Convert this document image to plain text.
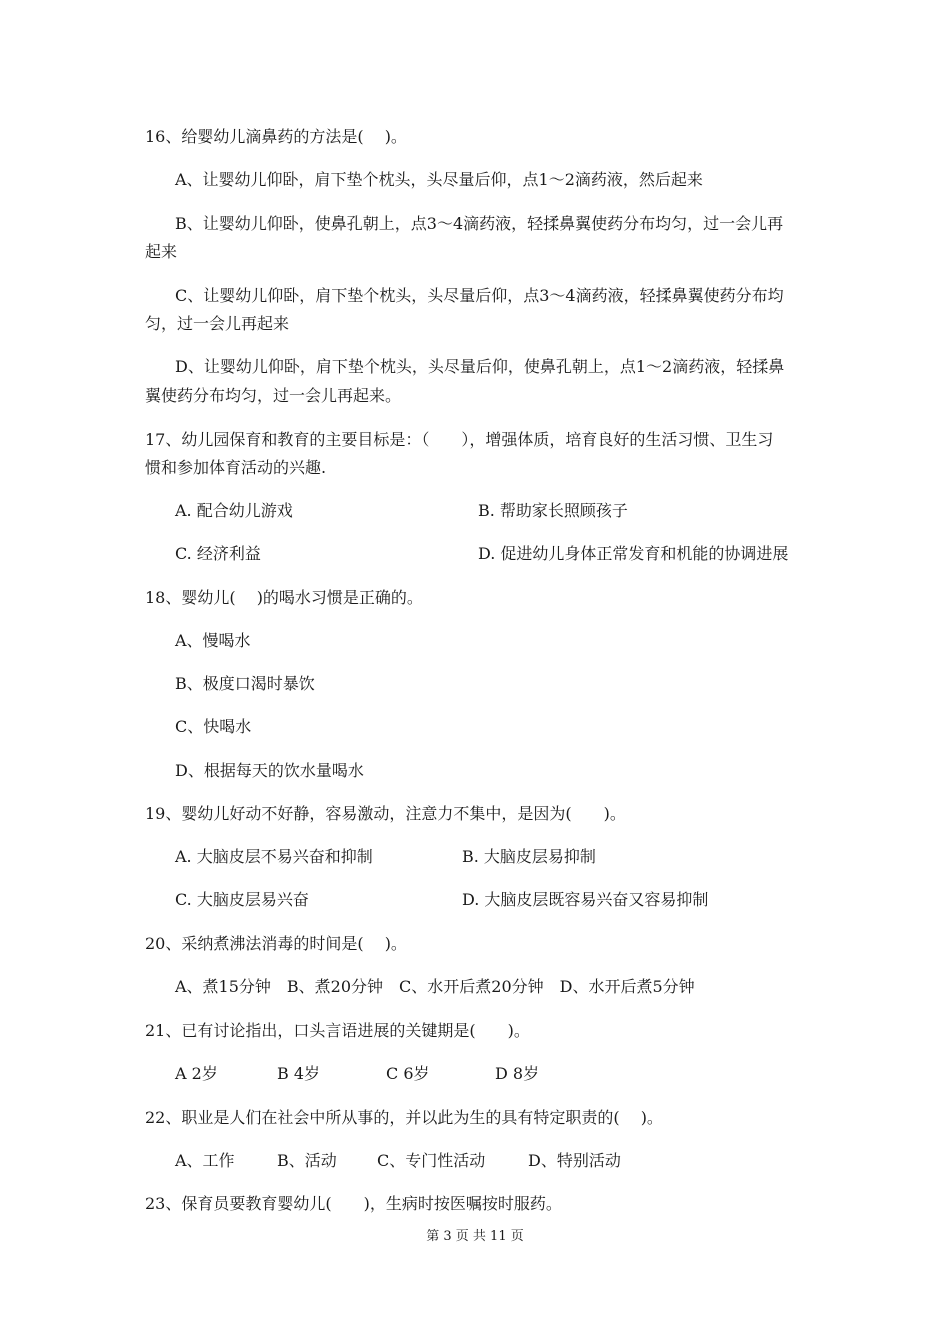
16、给婴幼儿滴鼻药的方法是(　 )。
A、让婴幼儿仰卧，肩下垫个枕头，头尽量后仰，点1～2滴药液，然后起来
B、让婴幼儿仰卧，使鼻孔朝上，点3～4滴药液，轻揉鼻翼使药分布均匀，过一会儿再
起来
C、让婴幼儿仰卧，肩下垫个枕头，头尽量后仰，点3～4滴药液，轻揉鼻翼使药分布均
匀，过一会儿再起来
D、让婴幼儿仰卧，肩下垫个枕头，头尽量后仰，使鼻孔朝上，点1～2滴药液，轻揉鼻
翼使药分布均匀，过一会儿再起来。
17、幼儿园保育和教育的主要目标是：（　　），增强体质，培育良好的生活习惯、卫生习
惯和参加体育活动的兴趣.
A. 配合幼儿游戏	B. 帮助家长照顾孩子
C. 经济利益	D. 促进幼儿身体正常发育和机能的协调进展
18、婴幼儿(　 )的喝水习惯是正确的。
A、慢喝水
B、极度口渴时暴饮
C、快喝水
D、根据每天的饮水量喝水
19、婴幼儿好动不好静，容易激动，注意力不集中，是因为(　　)。
A. 大脑皮层不易兴奋和抑制	B. 大脑皮层易抑制
C. 大脑皮层易兴奋	D. 大脑皮层既容易兴奋又容易抑制
20、采纳煮沸法消毒的时间是(　 )。
A、煮15分钟　B、煮20分钟　C、水开后煮20分钟　D、水开后煮5分钟
21、已有讨论指出，口头言语进展的关键期是(　　)。
A 2岁	B 4岁	C 6岁	D 8岁
22、职业是人们在社会中所从事的，并以此为生的具有特定职责的(　 )。
A、工作	B、活动	C、专门性活动	D、特别活动
23、保育员要教育婴幼儿(　　)，生病时按医嘱按时服药。
第 3 页 共 11 页
